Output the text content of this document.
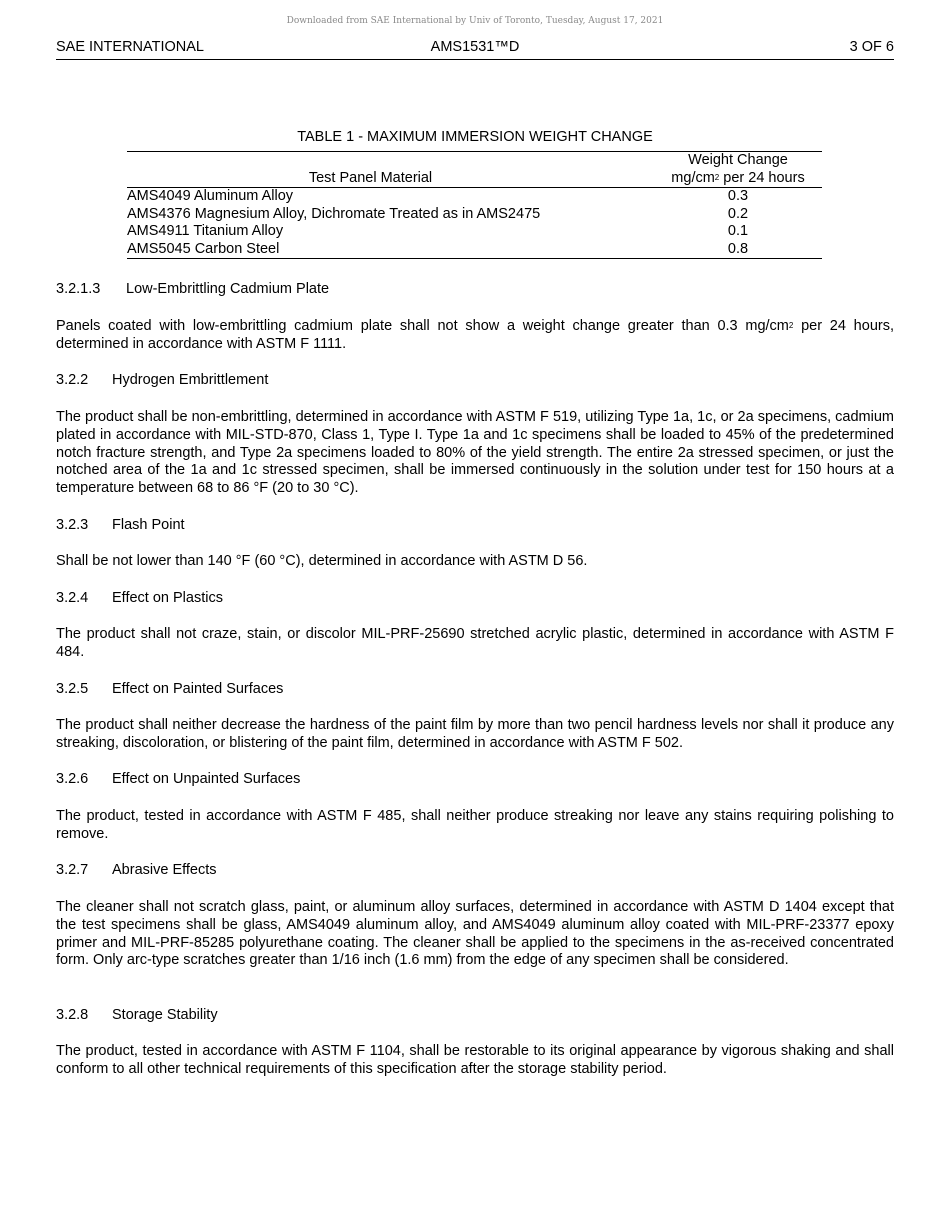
Downloaded from SAE International by Univ of Toronto, Tuesday, August 17, 2021
SAE INTERNATIONAL	AMS1531™D	3 OF 6
TABLE 1 - MAXIMUM IMMERSION WEIGHT CHANGE
Test Panel Material	Weight Change
$mg/cm^2$ per 24 hours
AMS4049 Aluminum Alloy	0.3
AMS4376 Magnesium Alloy, Dichromate Treated as in AMS2475	0.2
AMS4911 Titanium Alloy	0.1
AMS5045 Carbon Steel	0.8
3.2.1.3 Low-Embrittling Cadmium Plate

Panels coated with low-embrittling cadmium plate shall not show a weight change greater than 0.3 $mg/cm^2$ per 24 hours, determined in accordance with ASTM F 1111.

3.2.2 Hydrogen Embrittlement

The product shall be non-embrittling, determined in accordance with ASTM F 519, utilizing Type 1a, 1c, or 2a specimens, cadmium plated in accordance with MIL-STD-870, Class 1, Type I. Type 1a and 1c specimens shall be loaded to 45% of the predetermined notch fracture strength, and Type 2a specimens loaded to 80% of the yield strength. The entire 2a stressed specimen, or just the notched area of the 1a and 1c stressed specimen, shall be immersed continuously in the solution under test for 150 hours at a temperature between 68 to 86 °F (20 to 30 °C).

3.2.3 Flash Point

Shall be not lower than 140 °F (60 °C), determined in accordance with ASTM D 56.

3.2.4 Effect on Plastics

The product shall not craze, stain, or discolor MIL-PRF-25690 stretched acrylic plastic, determined in accordance with ASTM F 484.

3.2.5 Effect on Painted Surfaces

The product shall neither decrease the hardness of the paint film by more than two pencil hardness levels nor shall it produce any streaking, discoloration, or blistering of the paint film, determined in accordance with ASTM F 502.

3.2.6 Effect on Unpainted Surfaces

The product, tested in accordance with ASTM F 485, shall neither produce streaking nor leave any stains requiring polishing to remove.

3.2.7 Abrasive Effects

The cleaner shall not scratch glass, paint, or aluminum alloy surfaces, determined in accordance with ASTM D 1404 except that the test specimens shall be glass, AMS4049 aluminum alloy, and AMS4049 aluminum alloy coated with MIL-PRF-23377 epoxy primer and MIL-PRF-85285 polyurethane coating. The cleaner shall be applied to the specimens in the as-received concentrated form. Only arc-type scratches greater than 1/16 inch (1.6 mm) from the edge of any specimen shall be considered.

3.2.8 Storage Stability

The product, tested in accordance with ASTM F 1104, shall be restorable to its original appearance by vigorous shaking and shall conform to all other technical requirements of this specification after the storage stability period.
